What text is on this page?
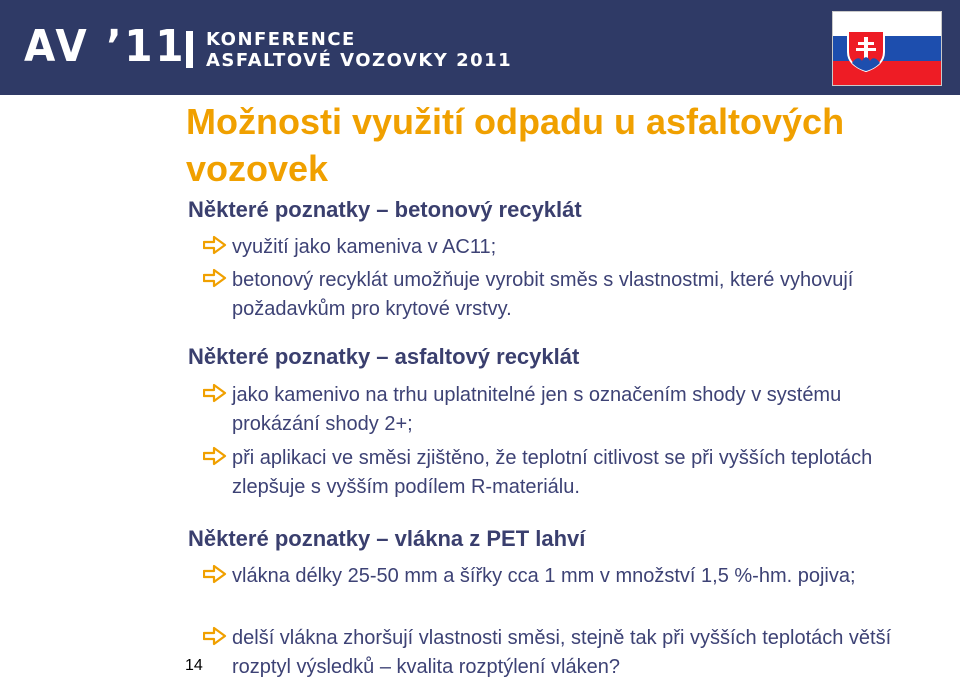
AV ’11 KONFERENCE
ASFALTOVÉ VOZOVKY 2011
Možnosti využití odpadu u asfaltových vozovek
Některé poznatky – betonový recyklát
využití jako kameniva v AC11;
betonový recyklát umožňuje vyrobit směs s vlastnostmi, které vyhovují požadavkům pro krytové vrstvy.
Některé poznatky – asfaltový recyklát
jako kamenivo na trhu uplatnitelné jen s označením shody v systému prokázání shody 2+;
při aplikaci ve směsi zjištěno, že teplotní citlivost se při vyšších teplotách zlepšuje s vyšším podílem R-materiálu.
Některé poznatky – vlákna z PET lahví
vlákna délky 25-50 mm a šířky cca 1 mm v množství 1,5 %-hm. pojiva;
delší vlákna zhoršují vlastnosti směsi, stejně tak při vyšších teplotách větší rozptyl výsledků – kvalita rozptýlení vláken?
14
